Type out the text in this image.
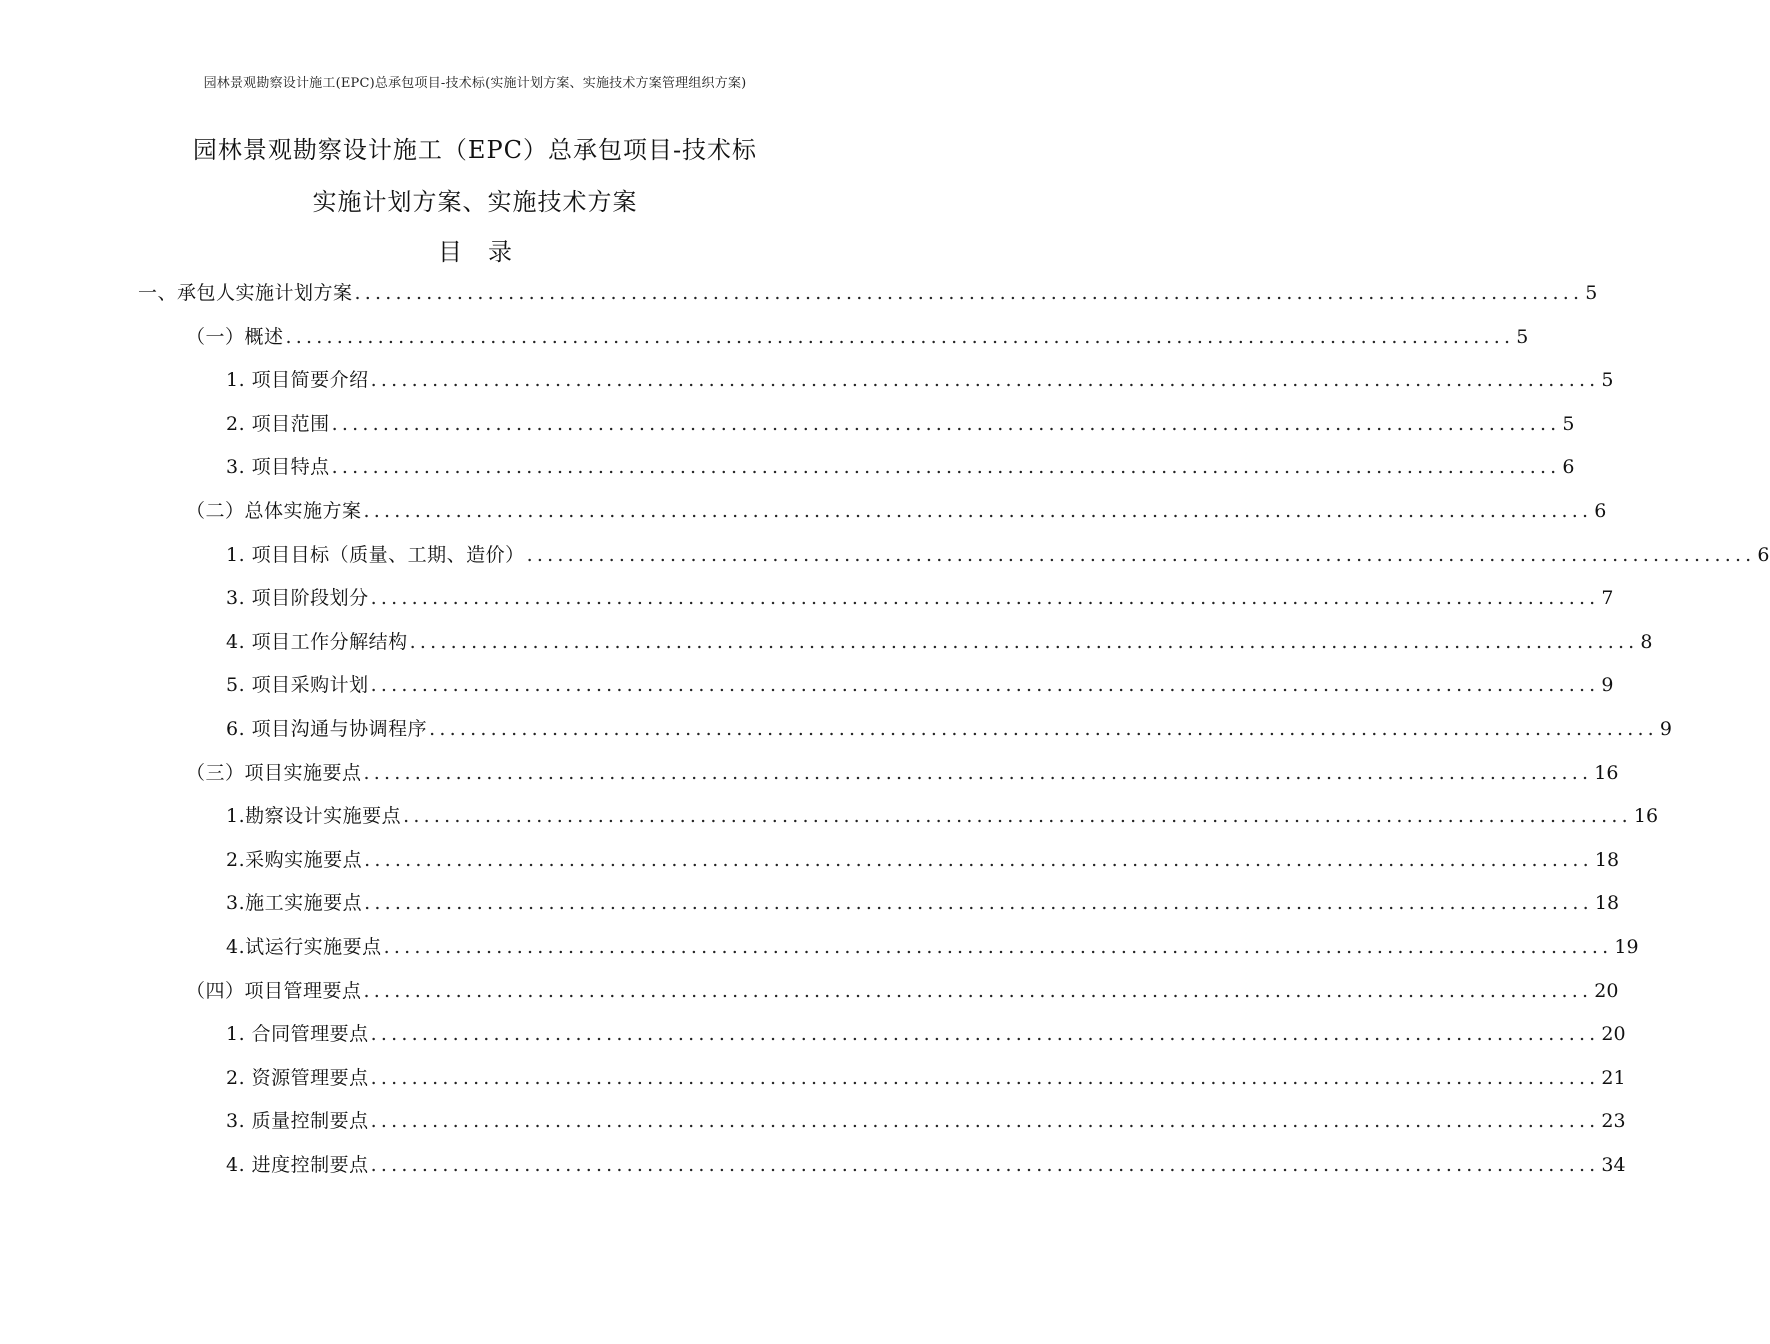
园林景观勘察设计施工(EPC)总承包项目-技术标(实施计划方案、实施技术方案管理组织方案)
园林景观勘察设计施工（EPC）总承包项目-技术标
实施计划方案、实施技术方案
目录
一、承包人实施计划方案 ........................................................................................................................ 5
（一）概述 ........................................................................................................................ 5
1. 项目简要介绍 ........................................................................................................................ 5
2. 项目范围 ........................................................................................................................ 5
3. 项目特点 ........................................................................................................................ 6
（二）总体实施方案 ........................................................................................................................ 6
1. 项目目标（质量、工期、造价） ........................................................................................................................ 6
3. 项目阶段划分 ........................................................................................................................ 7
4. 项目工作分解结构 ........................................................................................................................ 8
5. 项目采购计划 ........................................................................................................................ 9
6. 项目沟通与协调程序 ........................................................................................................................ 9
（三）项目实施要点 ........................................................................................................................ 16
1.勘察设计实施要点 ........................................................................................................................ 16
2.采购实施要点 ........................................................................................................................ 18
3.施工实施要点 ........................................................................................................................ 18
4.试运行实施要点 ........................................................................................................................ 19
（四）项目管理要点 ........................................................................................................................ 20
1. 合同管理要点 ........................................................................................................................ 20
2. 资源管理要点 ........................................................................................................................ 21
3. 质量控制要点 ........................................................................................................................ 23
4. 进度控制要点 ........................................................................................................................ 34
